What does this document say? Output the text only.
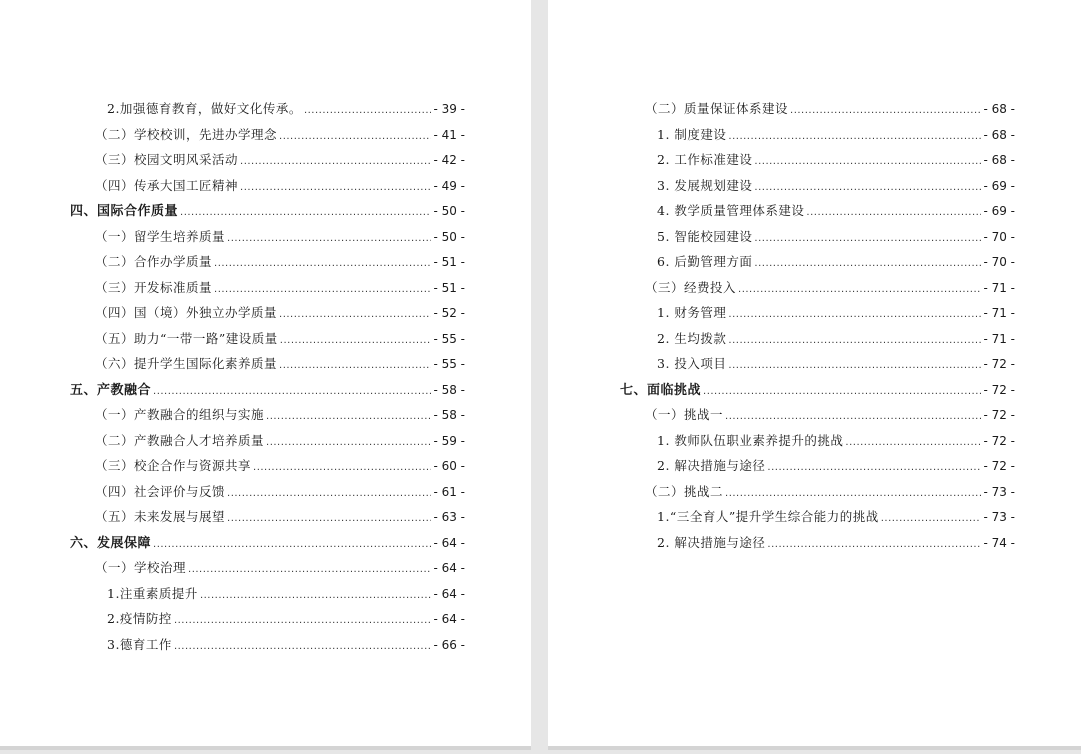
2.加强德育教育，做好文化传承。 .....	- 39 -
（二）学校校训，先进办学理念 .....	- 41 -
（三）校园文明风采活动 .....	- 42 -
（四）传承大国工匠精神 .....	- 49 -
四、国际合作质量 .....	- 50 -
（一）留学生培养质量 .....	- 50 -
（二）合作办学质量 .....	- 51 -
（三）开发标准质量 .....	- 51 -
（四）国（境）外独立办学质量 .....	- 52 -
（五）助力“一带一路”建设质量 .....	- 55 -
（六）提升学生国际化素养质量 .....	- 55 -
五、产教融合 .....	- 58 -
（一）产教融合的组织与实施 .....	- 58 -
（二）产教融合人才培养质量 .....	- 59 -
（三）校企合作与资源共享 .....	- 60 -
（四）社会评价与反馈 .....	- 61 -
（五）未来发展与展望 .....	- 63 -
六、发展保障 .....	- 64 -
（一）学校治理 .....	- 64 -
1.注重素质提升 .....	- 64 -
2.疫情防控 .....	- 64 -
3.德育工作 .....	- 66 -
（二）质量保证体系建设 .....	- 68 -
1. 制度建设 .....	- 68 -
2. 工作标准建设 .....	- 68 -
3. 发展规划建设 .....	- 69 -
4. 教学质量管理体系建设 .....	- 69 -
5. 智能校园建设 .....	- 70 -
6. 后勤管理方面 .....	- 70 -
（三）经费投入 .....	- 71 -
1. 财务管理 .....	- 71 -
2. 生均拨款 .....	- 71 -
3. 投入项目 .....	- 72 -
七、面临挑战 .....	- 72 -
（一）挑战一 .....	- 72 -
1. 教师队伍职业素养提升的挑战 .....	- 72 -
2. 解决措施与途径 .....	- 72 -
（二）挑战二 .....	- 73 -
1.“三全育人”提升学生综合能力的挑战 .....	- 73 -
2. 解决措施与途径 .....	- 74 -
